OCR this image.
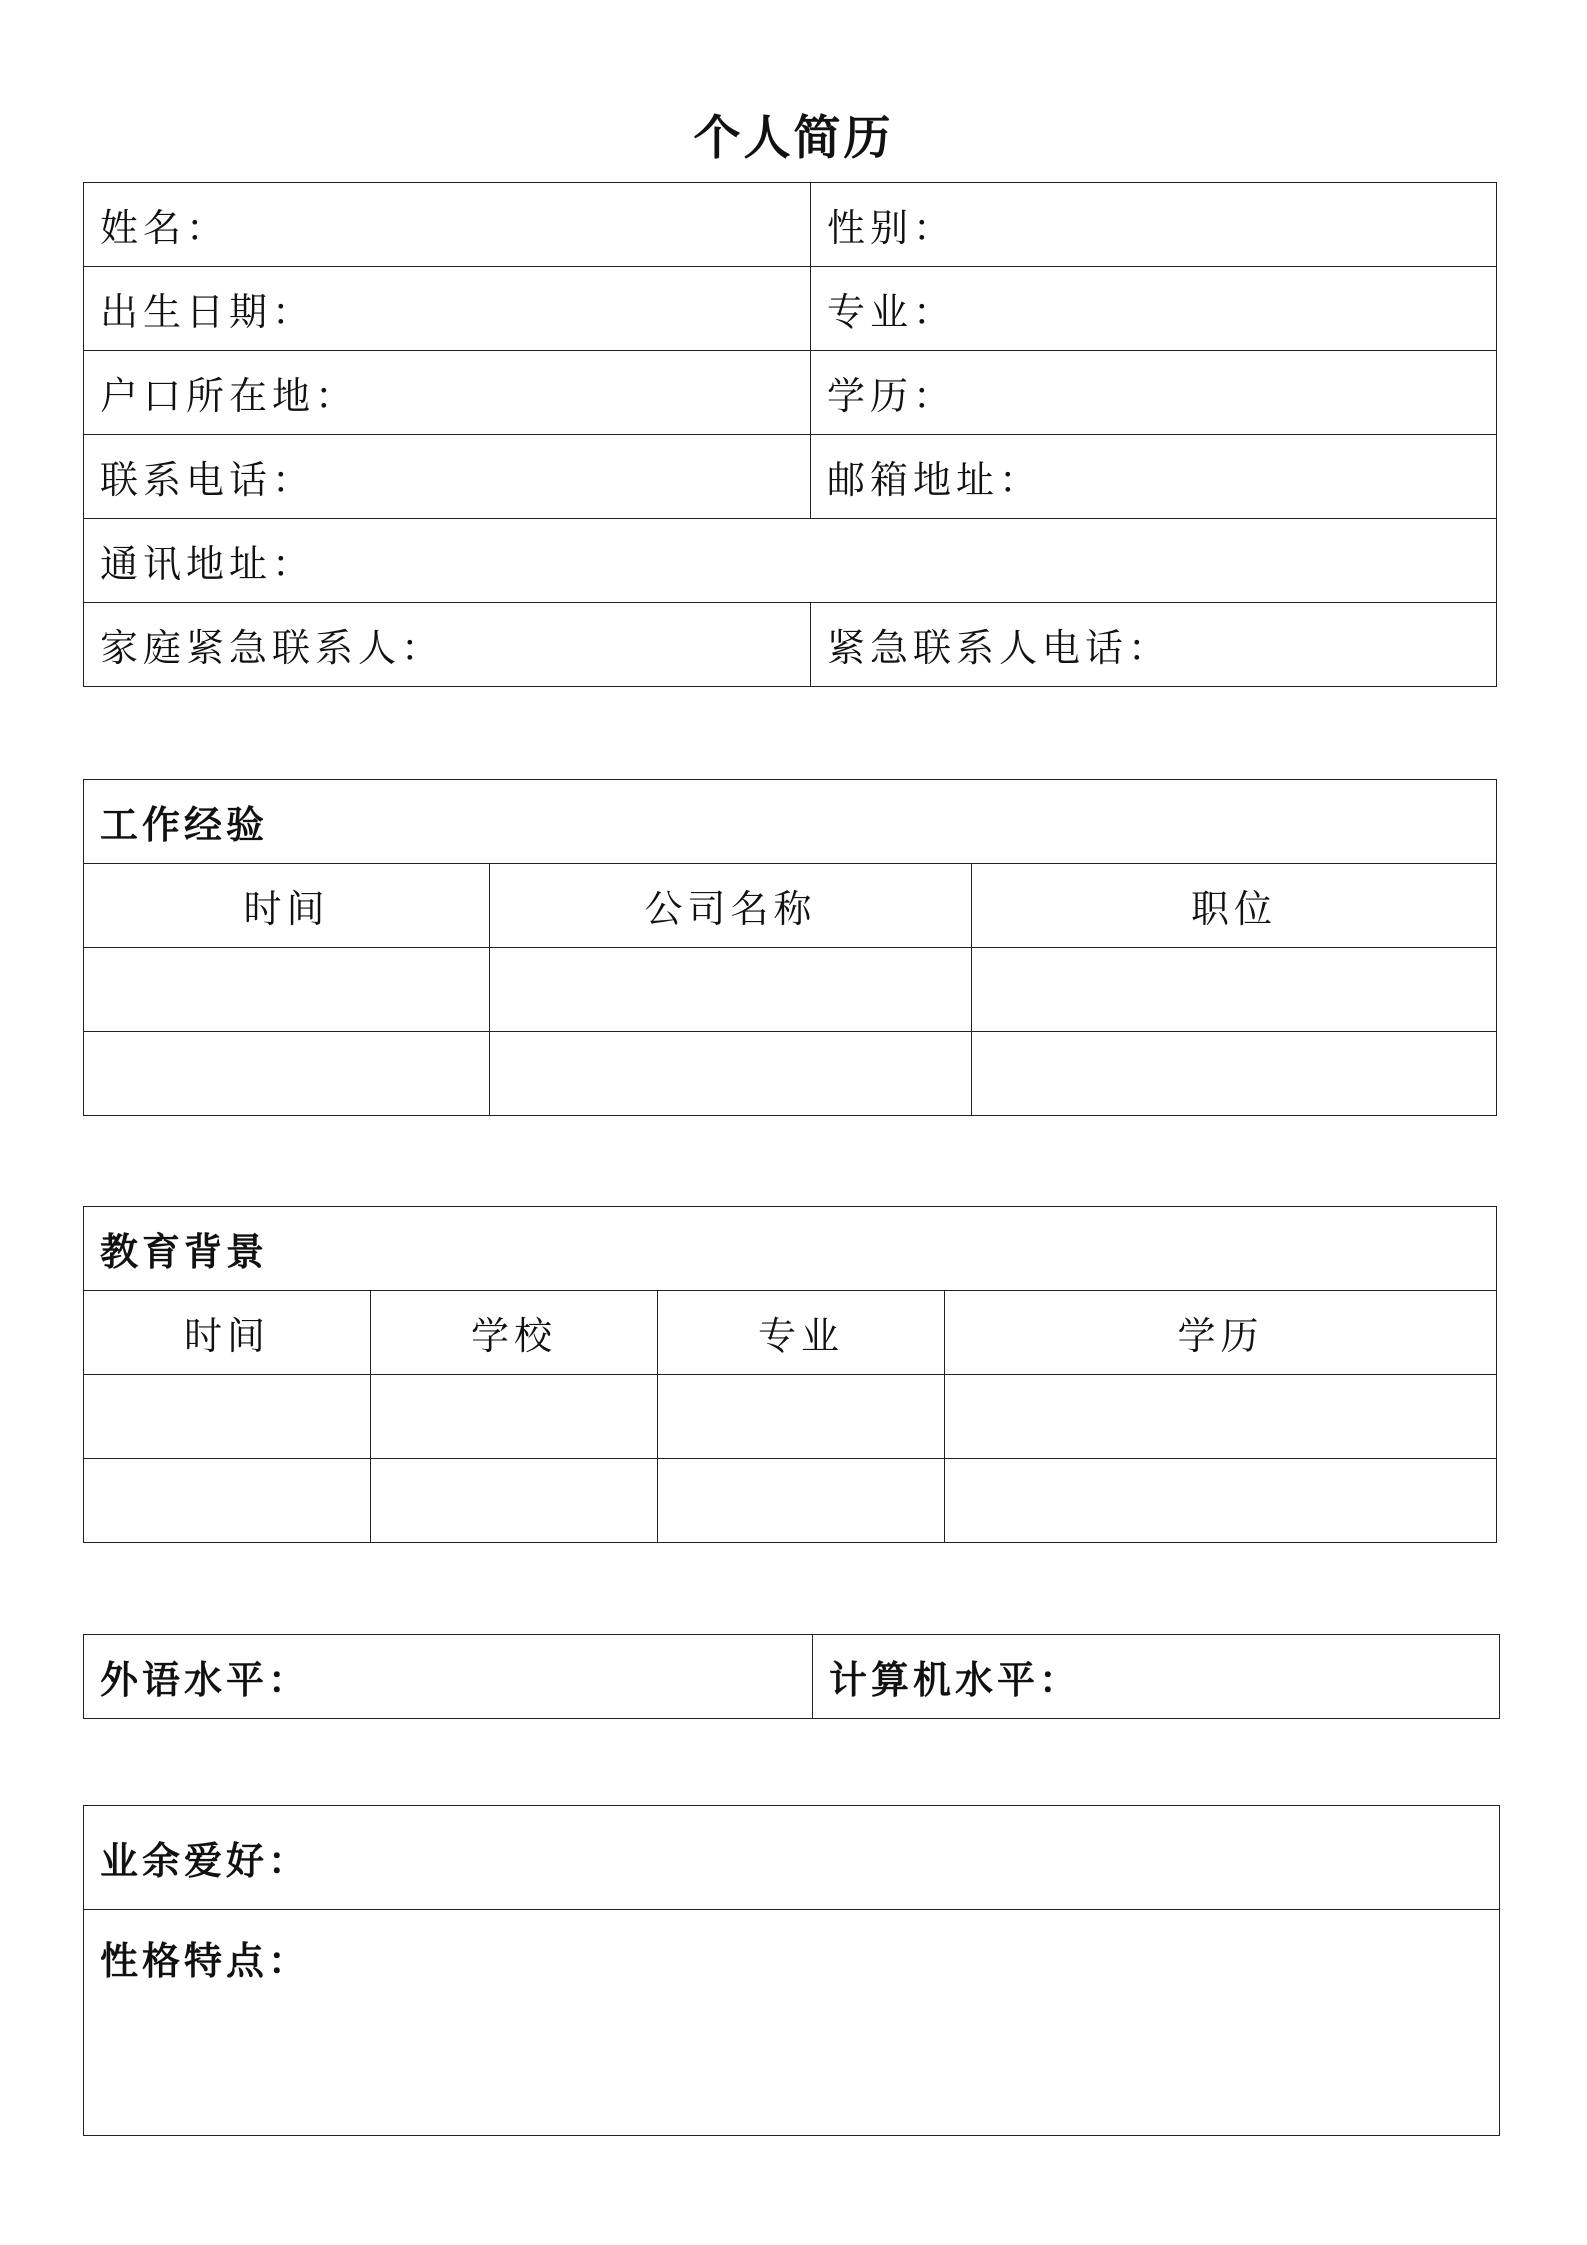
个人简历
姓名：	性别：
出生日期：	专业：
户口所在地：	学历：
联系电话：	邮箱地址：
通讯地址：	
家庭紧急联系人：	紧急联系人电话：
工作经验		
时间	公司名称	职位

教育背景			
时间	学校	专业	学历

外语水平：	计算机水平：
业余爱好：
性格特点：
